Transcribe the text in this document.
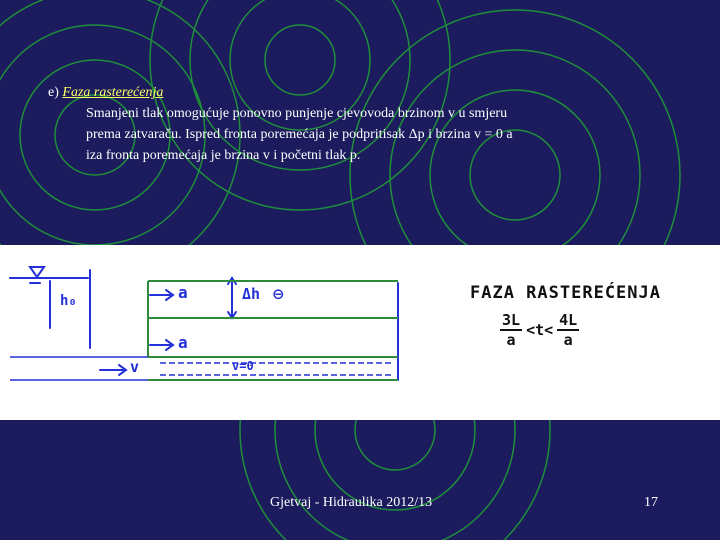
e) Faza rasterećenja
Smanjeni tlak omogućuje ponovno punjenje cjevovoda brzinom v u smjeru
prema zatvaraču. Ispred fronta poremećaja je podpritisak Δp i brzina v = 0 a
iza fronta poremećaja je brzina v i početni tlak p.
h₀	a	Δh ⊖
a
v	v=0
FAZA RASTEREĆENJA
$\frac{3L}{a} <t< \frac{4L}{a}$
Gjetvaj - Hidraulika 2012/13	17
